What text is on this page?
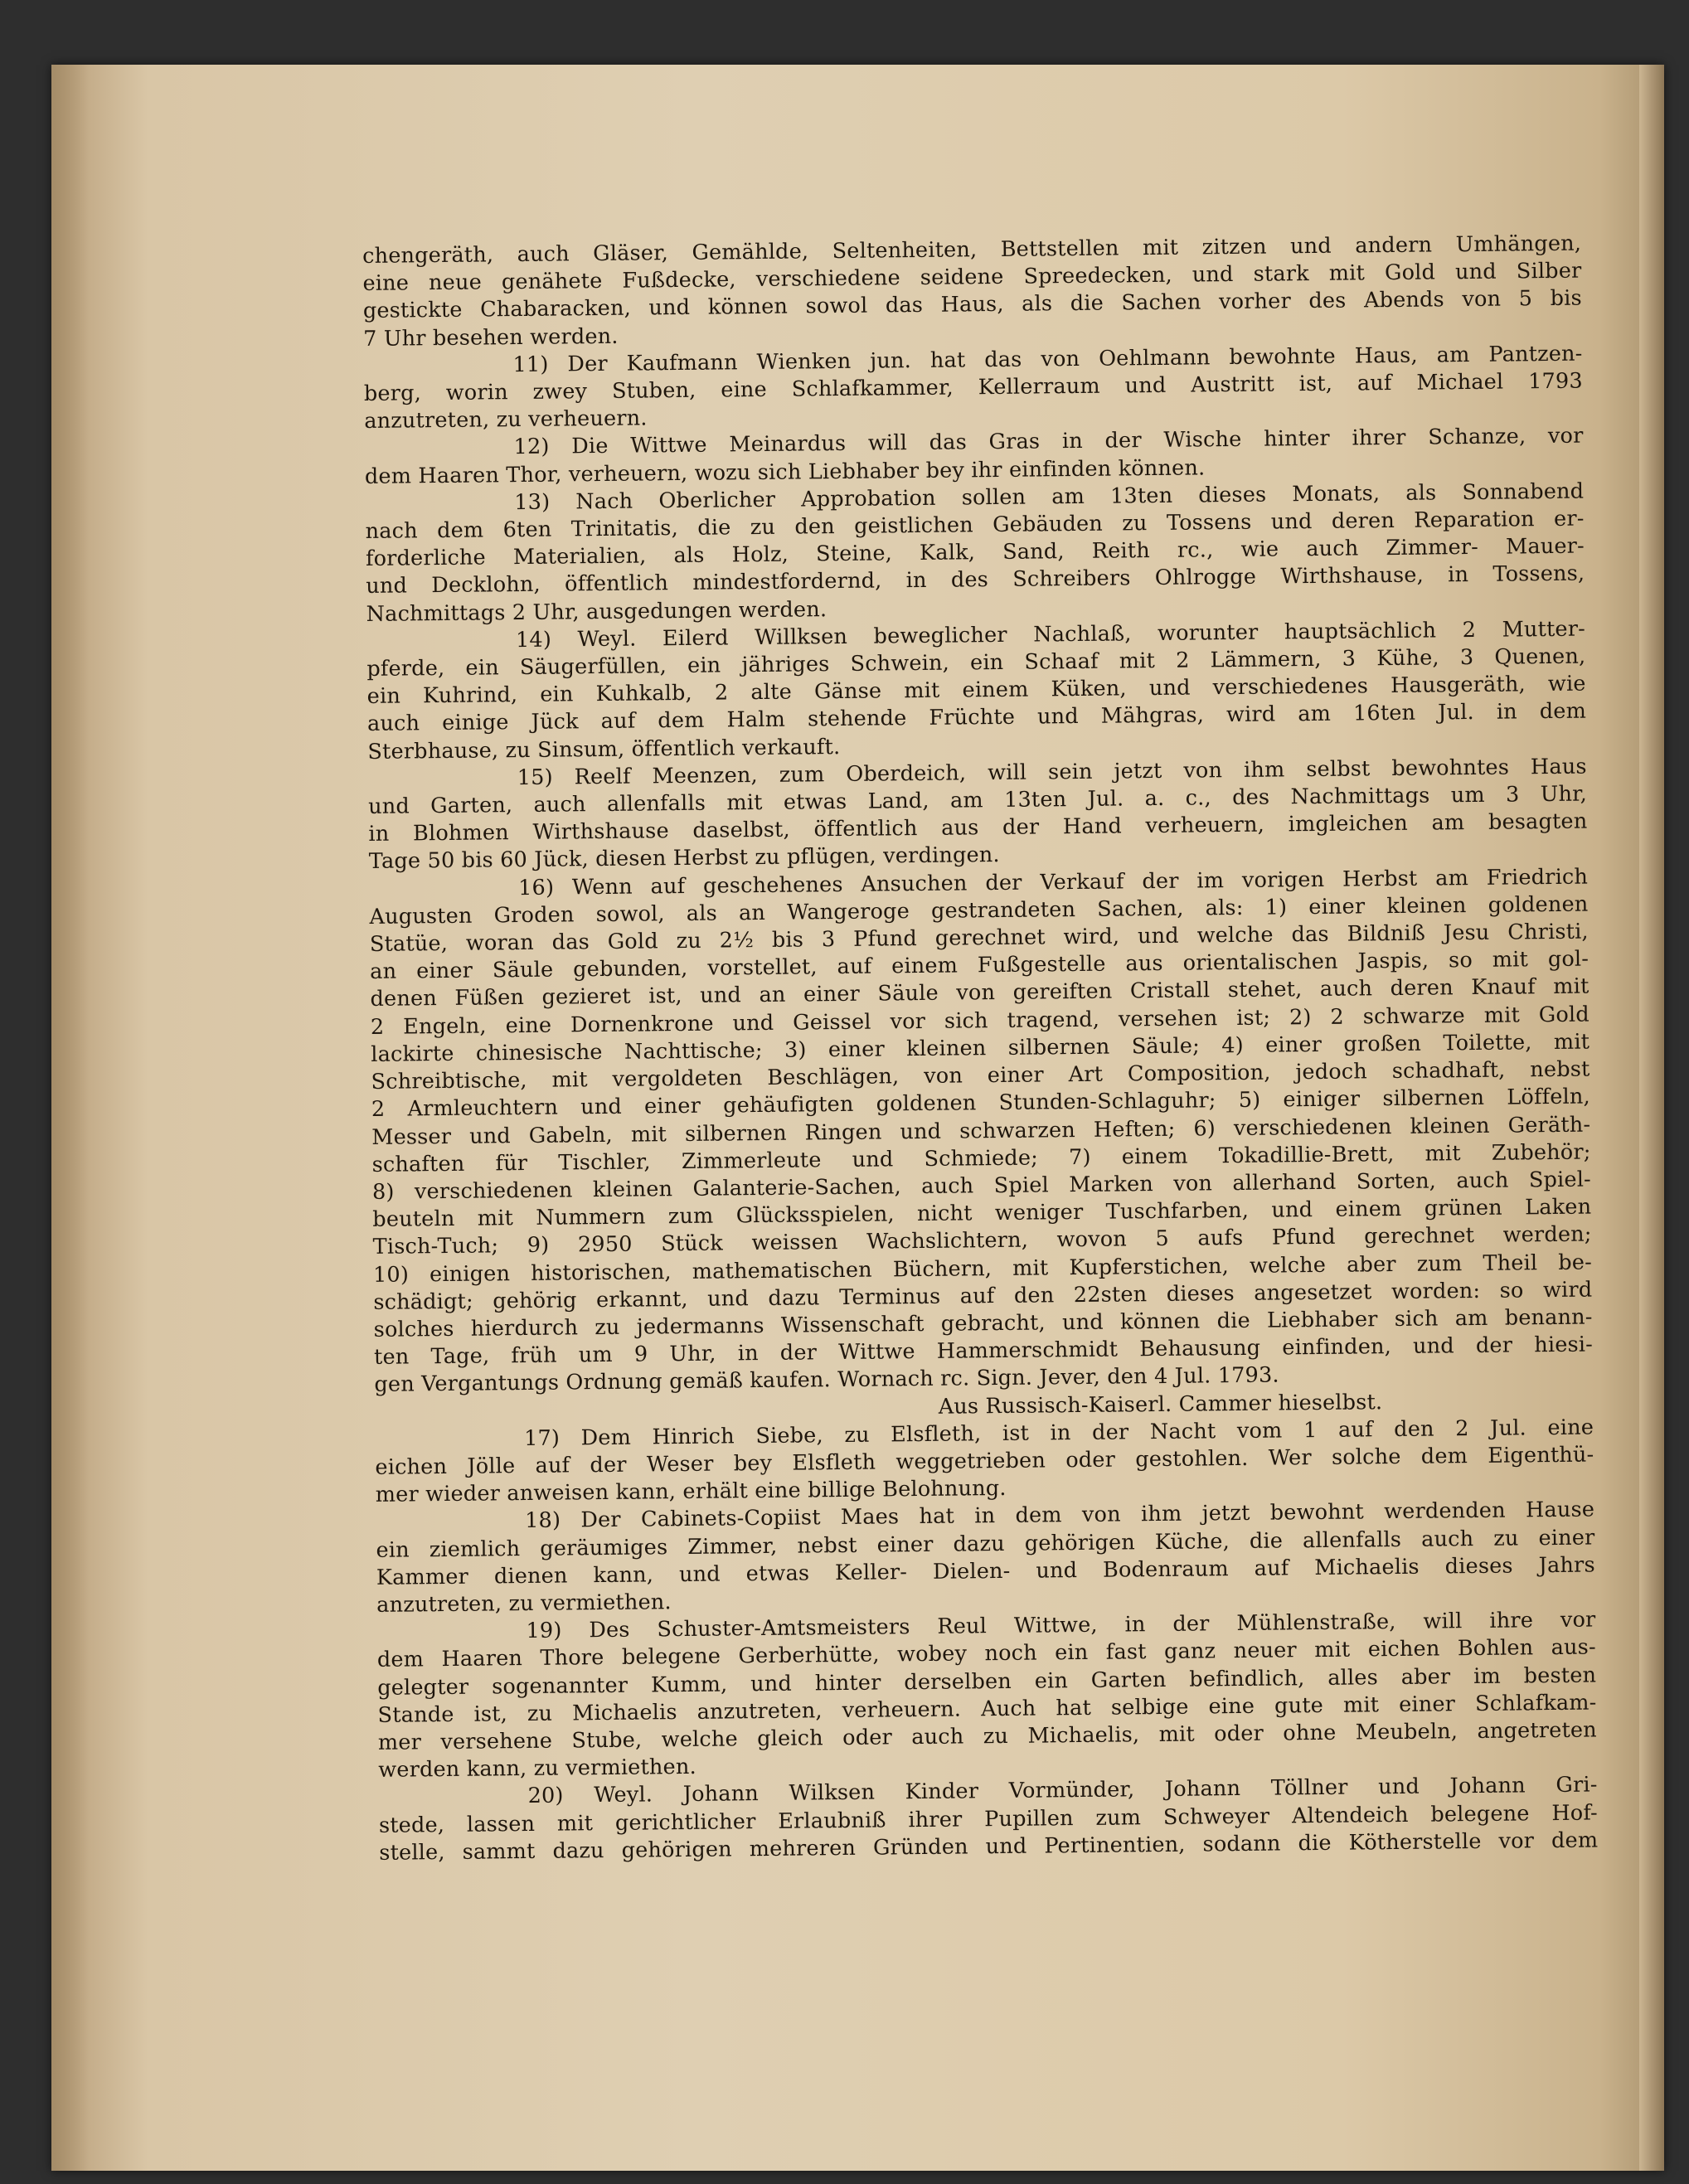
chengeräth, auch Gläser, Gemählde, Seltenheiten, Bettstellen mit zitzen und andern Umhängen,
eine neue genähete Fußdecke, verschiedene seidene Spreedecken, und stark mit Gold und Silber
gestickte Chabaracken, und können sowol das Haus, als die Sachen vorher des Abends von 5 bis
7 Uhr besehen werden.
11) Der Kaufmann Wienken jun. hat das von Oehlmann bewohnte Haus, am Pantzen-
berg, worin zwey Stuben, eine Schlafkammer, Kellerraum und Austritt ist, auf Michael 1793
anzutreten, zu verheuern.
12) Die Wittwe Meinardus will das Gras in der Wische hinter ihrer Schanze, vor
dem Haaren Thor, verheuern, wozu sich Liebhaber bey ihr einfinden können.
13) Nach Oberlicher Approbation sollen am 13ten dieses Monats, als Sonnabend
nach dem 6ten Trinitatis, die zu den geistlichen Gebäuden zu Tossens und deren Reparation er-
forderliche Materialien, als Holz, Steine, Kalk, Sand, Reith rc., wie auch Zimmer- Mauer-
und Decklohn, öffentlich mindestfordernd, in des Schreibers Ohlrogge Wirthshause, in Tossens,
Nachmittags 2 Uhr, ausgedungen werden.
14) Weyl. Eilerd Willksen beweglicher Nachlaß, worunter hauptsächlich 2 Mutter-
pferde, ein Säugerfüllen, ein jähriges Schwein, ein Schaaf mit 2 Lämmern, 3 Kühe, 3 Quenen,
ein Kuhrind, ein Kuhkalb, 2 alte Gänse mit einem Küken, und verschiedenes Hausgeräth, wie
auch einige Jück auf dem Halm stehende Früchte und Mähgras, wird am 16ten Jul. in dem
Sterbhause, zu Sinsum, öffentlich verkauft.
15) Reelf Meenzen, zum Oberdeich, will sein jetzt von ihm selbst bewohntes Haus
und Garten, auch allenfalls mit etwas Land, am 13ten Jul. a. c., des Nachmittags um 3 Uhr,
in Blohmen Wirthshause daselbst, öffentlich aus der Hand verheuern, imgleichen am besagten
Tage 50 bis 60 Jück, diesen Herbst zu pflügen, verdingen.
16) Wenn auf geschehenes Ansuchen der Verkauf der im vorigen Herbst am Friedrich
Augusten Groden sowol, als an Wangeroge gestrandeten Sachen, als: 1) einer kleinen goldenen
Statüe, woran das Gold zu 2½ bis 3 Pfund gerechnet wird, und welche das Bildniß Jesu Christi,
an einer Säule gebunden, vorstellet, auf einem Fußgestelle aus orientalischen Jaspis, so mit gol-
denen Füßen gezieret ist, und an einer Säule von gereiften Cristall stehet, auch deren Knauf mit
2 Engeln, eine Dornenkrone und Geissel vor sich tragend, versehen ist; 2) 2 schwarze mit Gold
lackirte chinesische Nachttische; 3) einer kleinen silbernen Säule; 4) einer großen Toilette, mit
Schreibtische, mit vergoldeten Beschlägen, von einer Art Composition, jedoch schadhaft, nebst
2 Armleuchtern und einer gehäufigten goldenen Stunden-Schlaguhr; 5) einiger silbernen Löffeln,
Messer und Gabeln, mit silbernen Ringen und schwarzen Heften; 6) verschiedenen kleinen Geräth-
schaften für Tischler, Zimmerleute und Schmiede; 7) einem Tokadillie-Brett, mit Zubehör;
8) verschiedenen kleinen Galanterie-Sachen, auch Spiel Marken von allerhand Sorten, auch Spiel-
beuteln mit Nummern zum Glücksspielen, nicht weniger Tuschfarben, und einem grünen Laken
Tisch-Tuch; 9) 2950 Stück weissen Wachslichtern, wovon 5 aufs Pfund gerechnet werden;
10) einigen historischen, mathematischen Büchern, mit Kupferstichen, welche aber zum Theil be-
schädigt; gehörig erkannt, und dazu Terminus auf den 22sten dieses angesetzet worden: so wird
solches hierdurch zu jedermanns Wissenschaft gebracht, und können die Liebhaber sich am benann-
ten Tage, früh um 9 Uhr, in der Wittwe Hammerschmidt Behausung einfinden, und der hiesi-
gen Vergantungs Ordnung gemäß kaufen. Wornach rc. Sign. Jever, den 4 Jul. 1793.
Aus Russisch-Kaiserl. Cammer hieselbst.
17) Dem Hinrich Siebe, zu Elsfleth, ist in der Nacht vom 1 auf den 2 Jul. eine
eichen Jölle auf der Weser bey Elsfleth weggetrieben oder gestohlen. Wer solche dem Eigenthü-
mer wieder anweisen kann, erhält eine billige Belohnung.
18) Der Cabinets-Copiist Maes hat in dem von ihm jetzt bewohnt werdenden Hause
ein ziemlich geräumiges Zimmer, nebst einer dazu gehörigen Küche, die allenfalls auch zu einer
Kammer dienen kann, und etwas Keller- Dielen- und Bodenraum auf Michaelis dieses Jahrs
anzutreten, zu vermiethen.
19) Des Schuster-Amtsmeisters Reul Wittwe, in der Mühlenstraße, will ihre vor
dem Haaren Thore belegene Gerberhütte, wobey noch ein fast ganz neuer mit eichen Bohlen aus-
gelegter sogenannter Kumm, und hinter derselben ein Garten befindlich, alles aber im besten
Stande ist, zu Michaelis anzutreten, verheuern. Auch hat selbige eine gute mit einer Schlafkam-
mer versehene Stube, welche gleich oder auch zu Michaelis, mit oder ohne Meubeln, angetreten
werden kann, zu vermiethen.
20) Weyl. Johann Wilksen Kinder Vormünder, Johann Töllner und Johann Gri-
stede, lassen mit gerichtlicher Erlaubniß ihrer Pupillen zum Schweyer Altendeich belegene Hof-
stelle, sammt dazu gehörigen mehreren Gründen und Pertinentien, sodann die Kötherstelle vor dem
